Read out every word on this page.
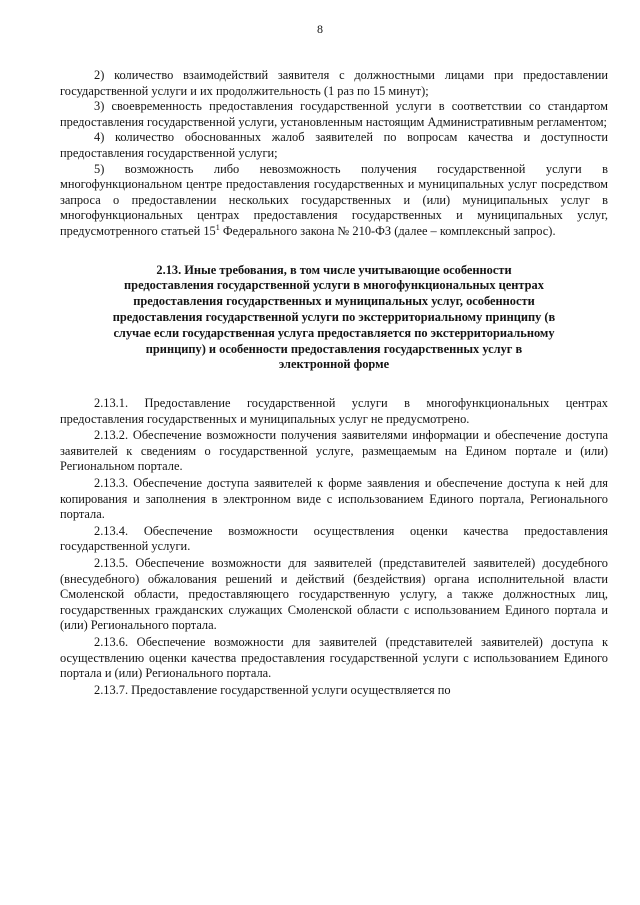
8

2) количество взаимодействий заявителя с должностными лицами при предоставлении государственной услуги и их продолжительность (1 раз по 15 минут);

3) своевременность предоставления государственной услуги в соответствии со стандартом предоставления государственной услуги, установленным настоящим Административным регламентом;

4) количество обоснованных жалоб заявителей по вопросам качества и доступности предоставления государственной услуги;

5) возможность либо невозможность получения государственной услуги в многофункциональном центре предоставления государственных и муниципальных услуг посредством запроса о предоставлении нескольких государственных и (или) муниципальных услуг в многофункциональных центрах предоставления государственных и муниципальных услуг, предусмотренного статьей $15^1$ Федерального закона № 210-ФЗ (далее – комплексный запрос).

2.13. Иные требования, в том числе учитывающие особенности
предоставления государственной услуги в многофункциональных центрах
предоставления государственных и муниципальных услуг, особенности
предоставления государственной услуги по экстерриториальному принципу (в
случае если государственная услуга предоставляется по экстерриториальному
принципу) и особенности предоставления государственных услуг в
электронной форме

2.13.1. Предоставление государственной услуги в многофункциональных центрах предоставления государственных и муниципальных услуг не предусмотрено.

2.13.2. Обеспечение возможности получения заявителями информации и обеспечение доступа заявителей к сведениям о государственной услуге, размещаемым на Едином портале и (или) Региональном портале.

2.13.3. Обеспечение доступа заявителей к форме заявления и обеспечение доступа к ней для копирования и заполнения в электронном виде с использованием Единого портала, Регионального портала.

2.13.4. Обеспечение возможности осуществления оценки качества предоставления государственной услуги.

2.13.5. Обеспечение возможности для заявителей (представителей заявителей) досудебного (внесудебного) обжалования решений и действий (бездействия) органа исполнительной власти Смоленской области, предоставляющего государственную услугу, а также должностных лиц, государственных гражданских служащих Смоленской области с использованием Единого портала и (или) Регионального портала.

2.13.6. Обеспечение возможности для заявителей (представителей заявителей) доступа к осуществлению оценки качества предоставления государственной услуги с использованием Единого портала и (или) Регионального портала.

2.13.7. Предоставление государственной услуги осуществляется по
